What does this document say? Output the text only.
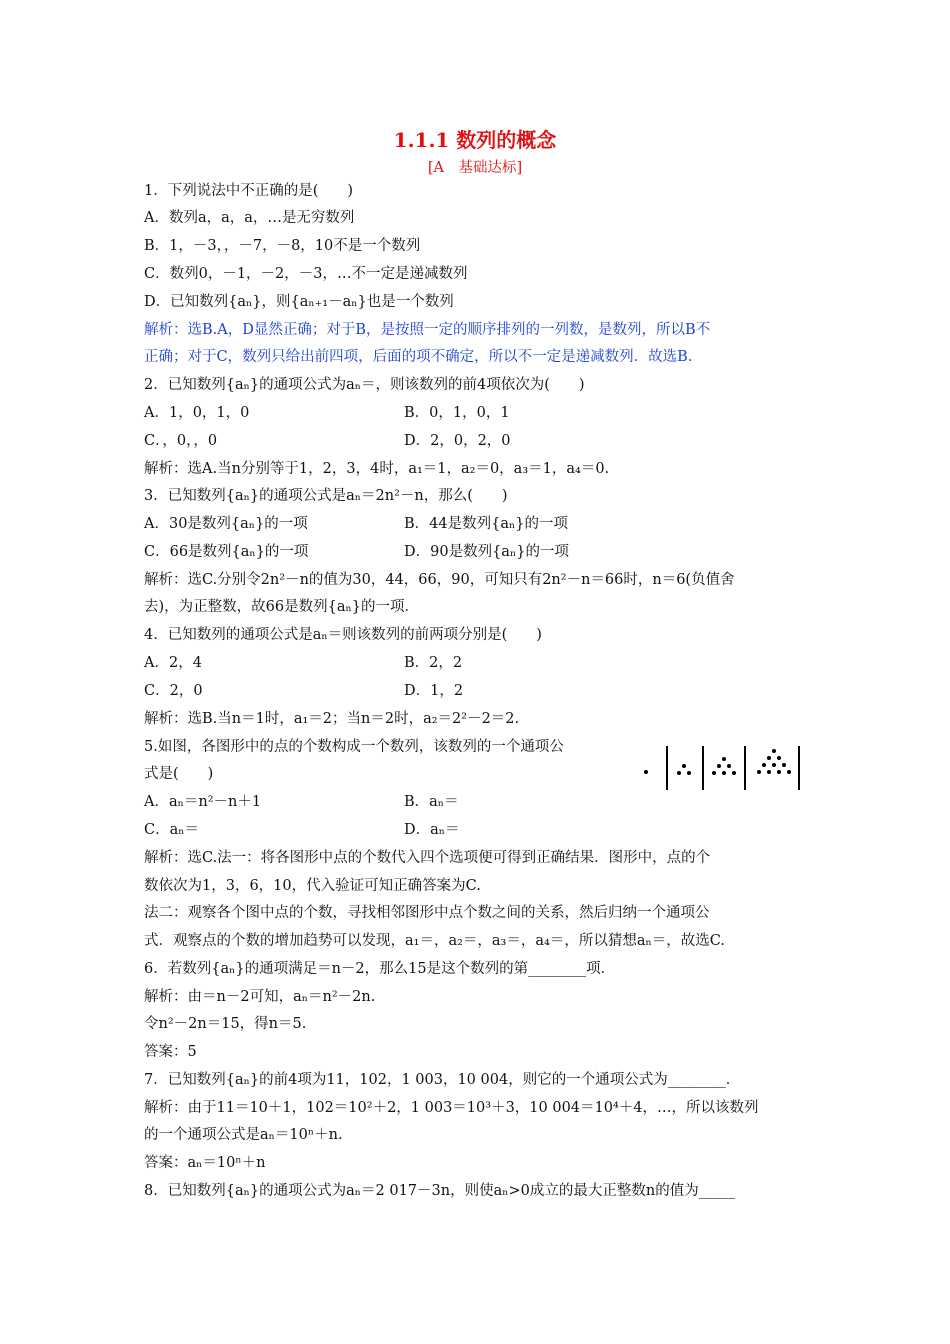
1.1.1 数列的概念
[A　基础达标]
1．下列说法中不正确的是(　　)
A．数列a，a，a，…是无穷数列
B．1，－3，，－7，－8，10不是一个数列
C．数列0，－1，－2，－3，…不一定是递减数列
D．已知数列{aₙ}，则{aₙ₊₁－aₙ}也是一个数列
解析：选B.A，D显然正确；对于B，是按照一定的顺序排列的一列数，是数列，所以B不
正确；对于C，数列只给出前四项，后面的项不确定，所以不一定是递减数列．故选B.
2．已知数列{aₙ}的通项公式为aₙ＝，则该数列的前4项依次为(　　)
A．1，0，1，0	B．0，1，0，1
C．，0，，0	D．2，0，2，0
解析：选A.当n分别等于1，2，3，4时，a₁＝1，a₂＝0，a₃＝1，a₄＝0.
3．已知数列{aₙ}的通项公式是aₙ＝2n²－n，那么(　　)
A．30是数列{aₙ}的一项	B．44是数列{aₙ}的一项
C．66是数列{aₙ}的一项	D．90是数列{aₙ}的一项
解析：选C.分别令2n²－n的值为30，44，66，90，可知只有2n²－n＝66时，n＝6(负值舍
去)，为正整数，故66是数列{aₙ}的一项．
4．已知数列的通项公式是aₙ＝则该数列的前两项分别是(　　)
A．2，4	B．2，2
C．2，0	D．1，2
解析：选B.当n＝1时，a₁＝2；当n＝2时，a₂＝2²－2＝2.
5.如图，各图形中的点的个数构成一个数列，该数列的一个通项公
式是(　　)
A．aₙ＝n²－n＋1	B．aₙ＝
C．aₙ＝	D．aₙ＝
解析：选C.法一：将各图形中点的个数代入四个选项便可得到正确结果．图形中，点的个
数依次为1，3，6，10，代入验证可知正确答案为C.
法二：观察各个图中点的个数，寻找相邻图形中点个数之间的关系，然后归纳一个通项公
式．观察点的个数的增加趋势可以发现，a₁＝，a₂＝，a₃＝，a₄＝，所以猜想aₙ＝，故选C.
6．若数列{aₙ}的通项满足＝n－2，那么15是这个数列的第________项．
解析：由＝n－2可知，aₙ＝n²－2n.
令n²－2n＝15，得n＝5.
答案：5
7．已知数列{aₙ}的前4项为11，102，1 003，10 004，则它的一个通项公式为________．
解析：由于11＝10＋1，102＝10²＋2，1 003＝10³＋3，10 004＝10⁴＋4，…，所以该数列
的一个通项公式是aₙ＝10ⁿ＋n.
答案：aₙ＝10ⁿ＋n
8．已知数列{aₙ}的通项公式为aₙ＝2 017－3n，则使aₙ>0成立的最大正整数n的值为_____
